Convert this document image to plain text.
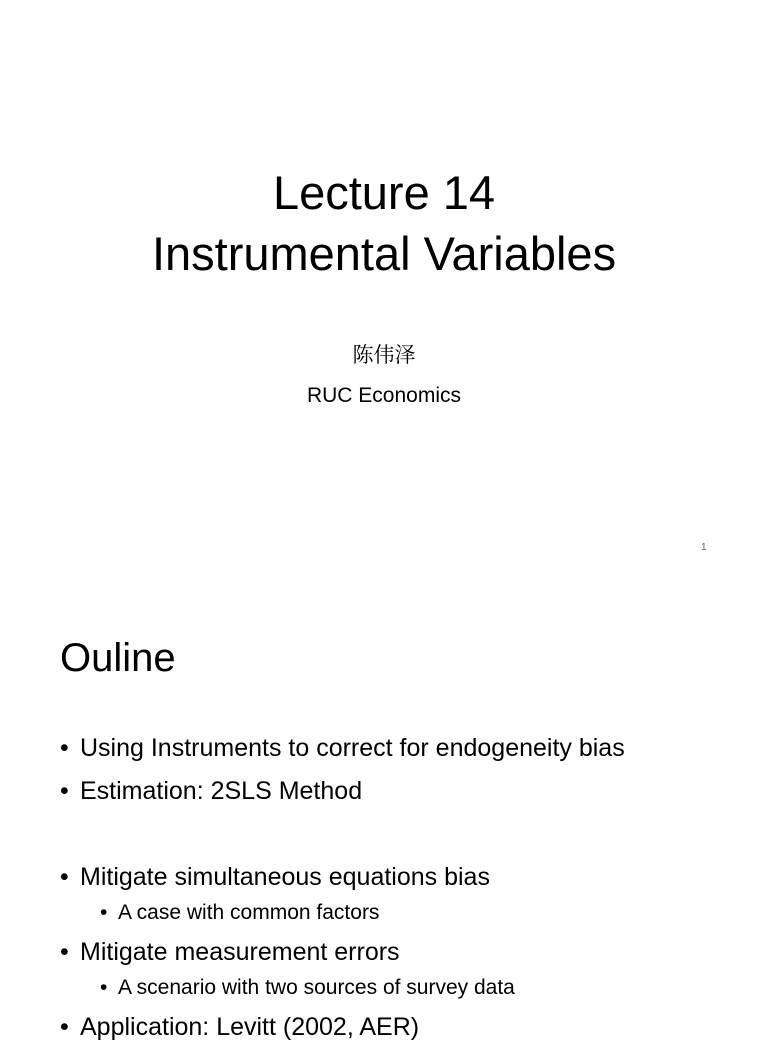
Lecture 14
Instrumental Variables
陈伟泽
RUC Economics
1
Ouline
• Using Instruments to correct for endogeneity bias
• Estimation: 2SLS Method
• Mitigate simultaneous equations bias
• A case with common factors
• Mitigate measurement errors
• A scenario with two sources of survey data
• Application: Levitt (2002, AER)
